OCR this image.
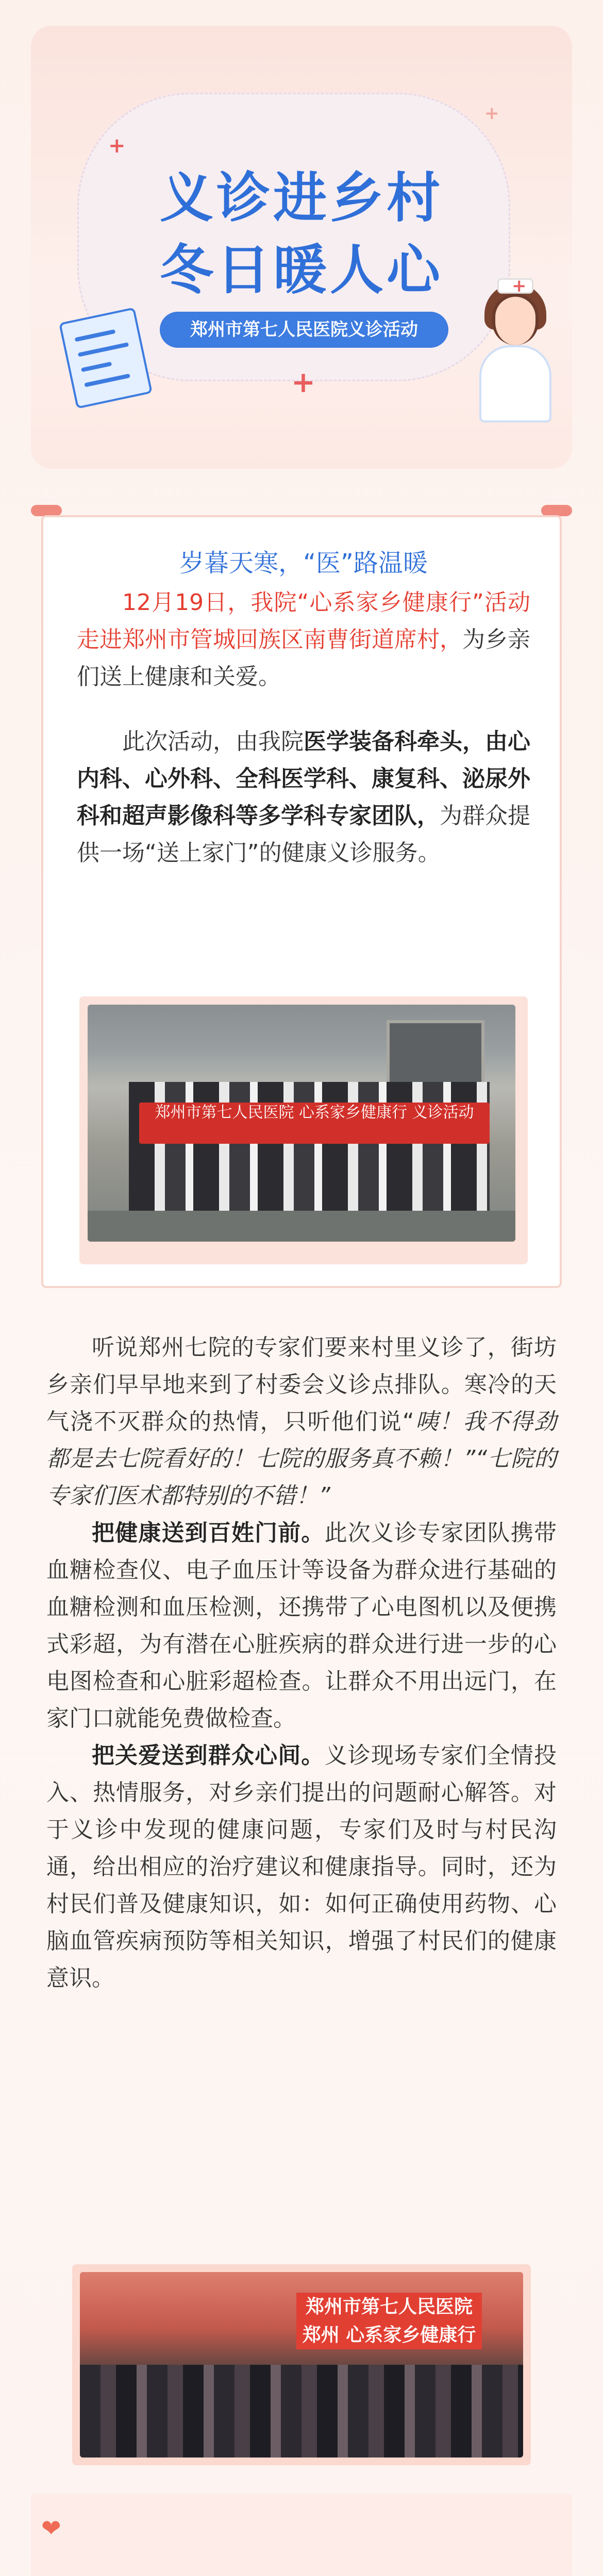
+
+
+
义诊进乡村
冬日暖人心
郑州市第七人民医院义诊活动
+
岁暮天寒，“医”路温暖
12月19日，我院“心系家乡健康行”活动走进郑州市管城回族区南曹街道席村，为乡亲们送上健康和关爱。
此次活动，由我院医学装备科牵头，由心内科、心外科、全科医学科、康复科、泌尿外科和超声影像科等多学科专家团队，为群众提供一场“送上家门”的健康义诊服务。
郑州市第七人民医院 心系家乡健康行 义诊活动
听说郑州七院的专家们要来村里义诊了，街坊乡亲们早早地来到了村委会义诊点排队。寒冷的天气浇不灭群众的热情，只听他们说“咦！我不得劲都是去七院看好的！七院的服务真不赖！”“七院的专家们医术都特别的不错！”
把健康送到百姓门前。此次义诊专家团队携带血糖检查仪、电子血压计等设备为群众进行基础的血糖检测和血压检测，还携带了心电图机以及便携式彩超，为有潜在心脏疾病的群众进行进一步的心电图检查和心脏彩超检查。让群众不用出远门，在家门口就能免费做检查。
把关爱送到群众心间。义诊现场专家们全情投入、热情服务，对乡亲们提出的问题耐心解答。对于义诊中发现的健康问题，专家们及时与村民沟通，给出相应的治疗建议和健康指导。同时，还为村民们普及健康知识，如：如何正确使用药物、心脑血管疾病预防等相关知识，增强了村民们的健康意识。
郑州市第七人民医院 郑州 心系家乡健康行
❤
